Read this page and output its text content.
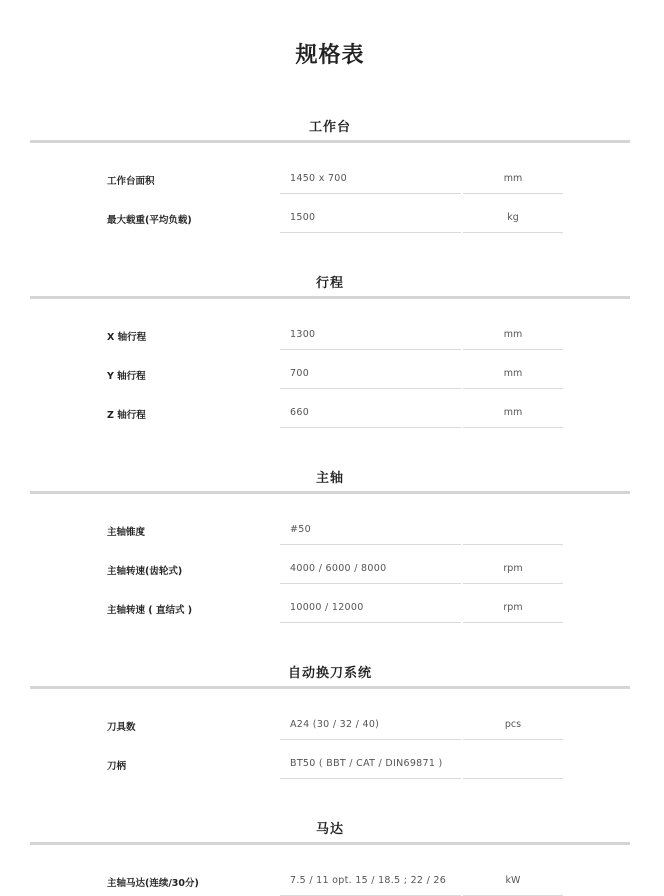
规格表
工作台
工作台面积	1450 x 700	mm
最大载重(平均负载)	1500	kg
行程
X 轴行程	1300	mm
Y 轴行程	700	mm
Z 轴行程	660	mm
主轴
主轴锥度	#50
主轴转速(齿轮式)	4000 / 6000 / 8000	rpm
主轴转速 ( 直结式 )	10000 / 12000	rpm
自动换刀系统
刀具数	A24 (30 / 32 / 40)	pcs
刀柄	BT50 ( BBT / CAT / DIN69871 )
马达
主轴马达(连续/30分)	7.5 / 11 opt. 15 / 18.5 ; 22 / 26	kW
